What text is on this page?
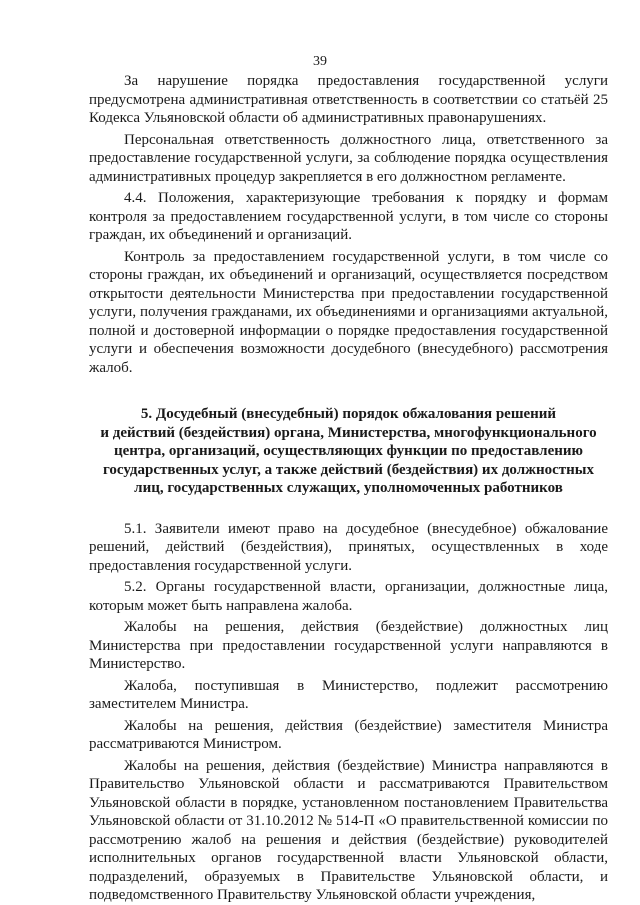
39

За нарушение порядка предоставления государственной услуги предусмотрена административная ответственность в соответствии со статьёй 25 Кодекса Ульяновской области об административных правонарушениях.

Персональная ответственность должностного лица, ответственного за предоставление государственной услуги, за соблюдение порядка осуществления административных процедур закрепляется в его должностном регламенте.

4.4. Положения, характеризующие требования к порядку и формам контроля за предоставлением государственной услуги, в том числе со стороны граждан, их объединений и организаций.

Контроль за предоставлением государственной услуги, в том числе со стороны граждан, их объединений и организаций, осуществляется посредством открытости деятельности Министерства при предоставлении государственной услуги, получения гражданами, их объединениями и организациями актуальной, полной и достоверной информации о порядке предоставления государственной услуги и обеспечения возможности досудебного (внесудебного) рассмотрения жалоб.

5. Досудебный (внесудебный) порядок обжалования решений
и действий (бездействия) органа, Министерства, многофункционального
центра, организаций, осуществляющих функции по предоставлению
государственных услуг, а также действий (бездействия) их должностных
лиц, государственных служащих, уполномоченных работников

5.1. Заявители имеют право на досудебное (внесудебное) обжалование решений, действий (бездействия), принятых, осуществленных в ходе предоставления государственной услуги.

5.2. Органы государственной власти, организации, должностные лица, которым может быть направлена жалоба.

Жалобы на решения, действия (бездействие) должностных лиц Министерства при предоставлении государственной услуги направляются в Министерство.

Жалоба, поступившая в Министерство, подлежит рассмотрению заместителем Министра.

Жалобы на решения, действия (бездействие) заместителя Министра рассматриваются Министром.

Жалобы на решения, действия (бездействие) Министра направляются в Правительство Ульяновской области и рассматриваются Правительством Ульяновской области в порядке, установленном постановлением Правительства Ульяновской области от 31.10.2012 № 514-П «О правительственной комиссии по рассмотрению жалоб на решения и действия (бездействие) руководителей исполнительных органов государственной власти Ульяновской области, подразделений, образуемых в Правительстве Ульяновской области, и подведомственного Правительству Ульяновской области учреждения,
